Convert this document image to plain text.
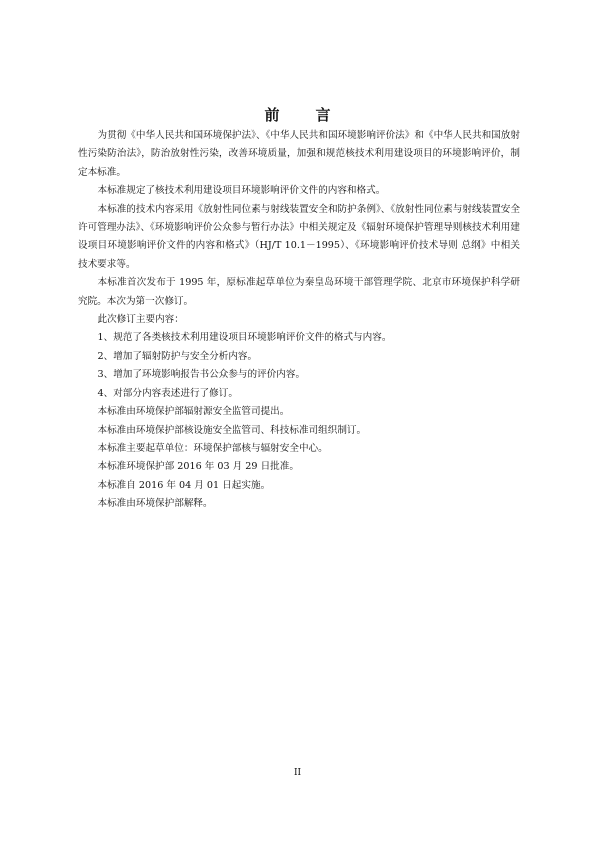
前 言

为贯彻《中华人民共和国环境保护法》、《中华人民共和国环境影响评价法》和《中华人民共和国放射性污染防治法》，防治放射性污染，改善环境质量，加强和规范核技术利用建设项目的环境影响评价，制定本标准。

本标准规定了核技术利用建设项目环境影响评价文件的内容和格式。

本标准的技术内容采用《放射性同位素与射线装置安全和防护条例》、《放射性同位素与射线装置安全许可管理办法》、《环境影响评价公众参与暂行办法》中相关规定及《辐射环境保护管理导则核技术利用建设项目环境影响评价文件的内容和格式》（HJ/T 10.1－1995）、《环境影响评价技术导则 总纲》中相关技术要求等。

本标准首次发布于 1995 年，原标准起草单位为秦皇岛环境干部管理学院、北京市环境保护科学研究院。本次为第一次修订。

此次修订主要内容：

1、规范了各类核技术利用建设项目环境影响评价文件的格式与内容。

2、增加了辐射防护与安全分析内容。

3、增加了环境影响报告书公众参与的评价内容。

4、对部分内容表述进行了修订。

本标准由环境保护部辐射源安全监管司提出。

本标准由环境保护部核设施安全监管司、科技标准司组织制订。

本标准主要起草单位：环境保护部核与辐射安全中心。

本标准环境保护部 2016 年 03 月 29 日批准。

本标准自 2016 年 04 月 01 日起实施。

本标准由环境保护部解释。

II
